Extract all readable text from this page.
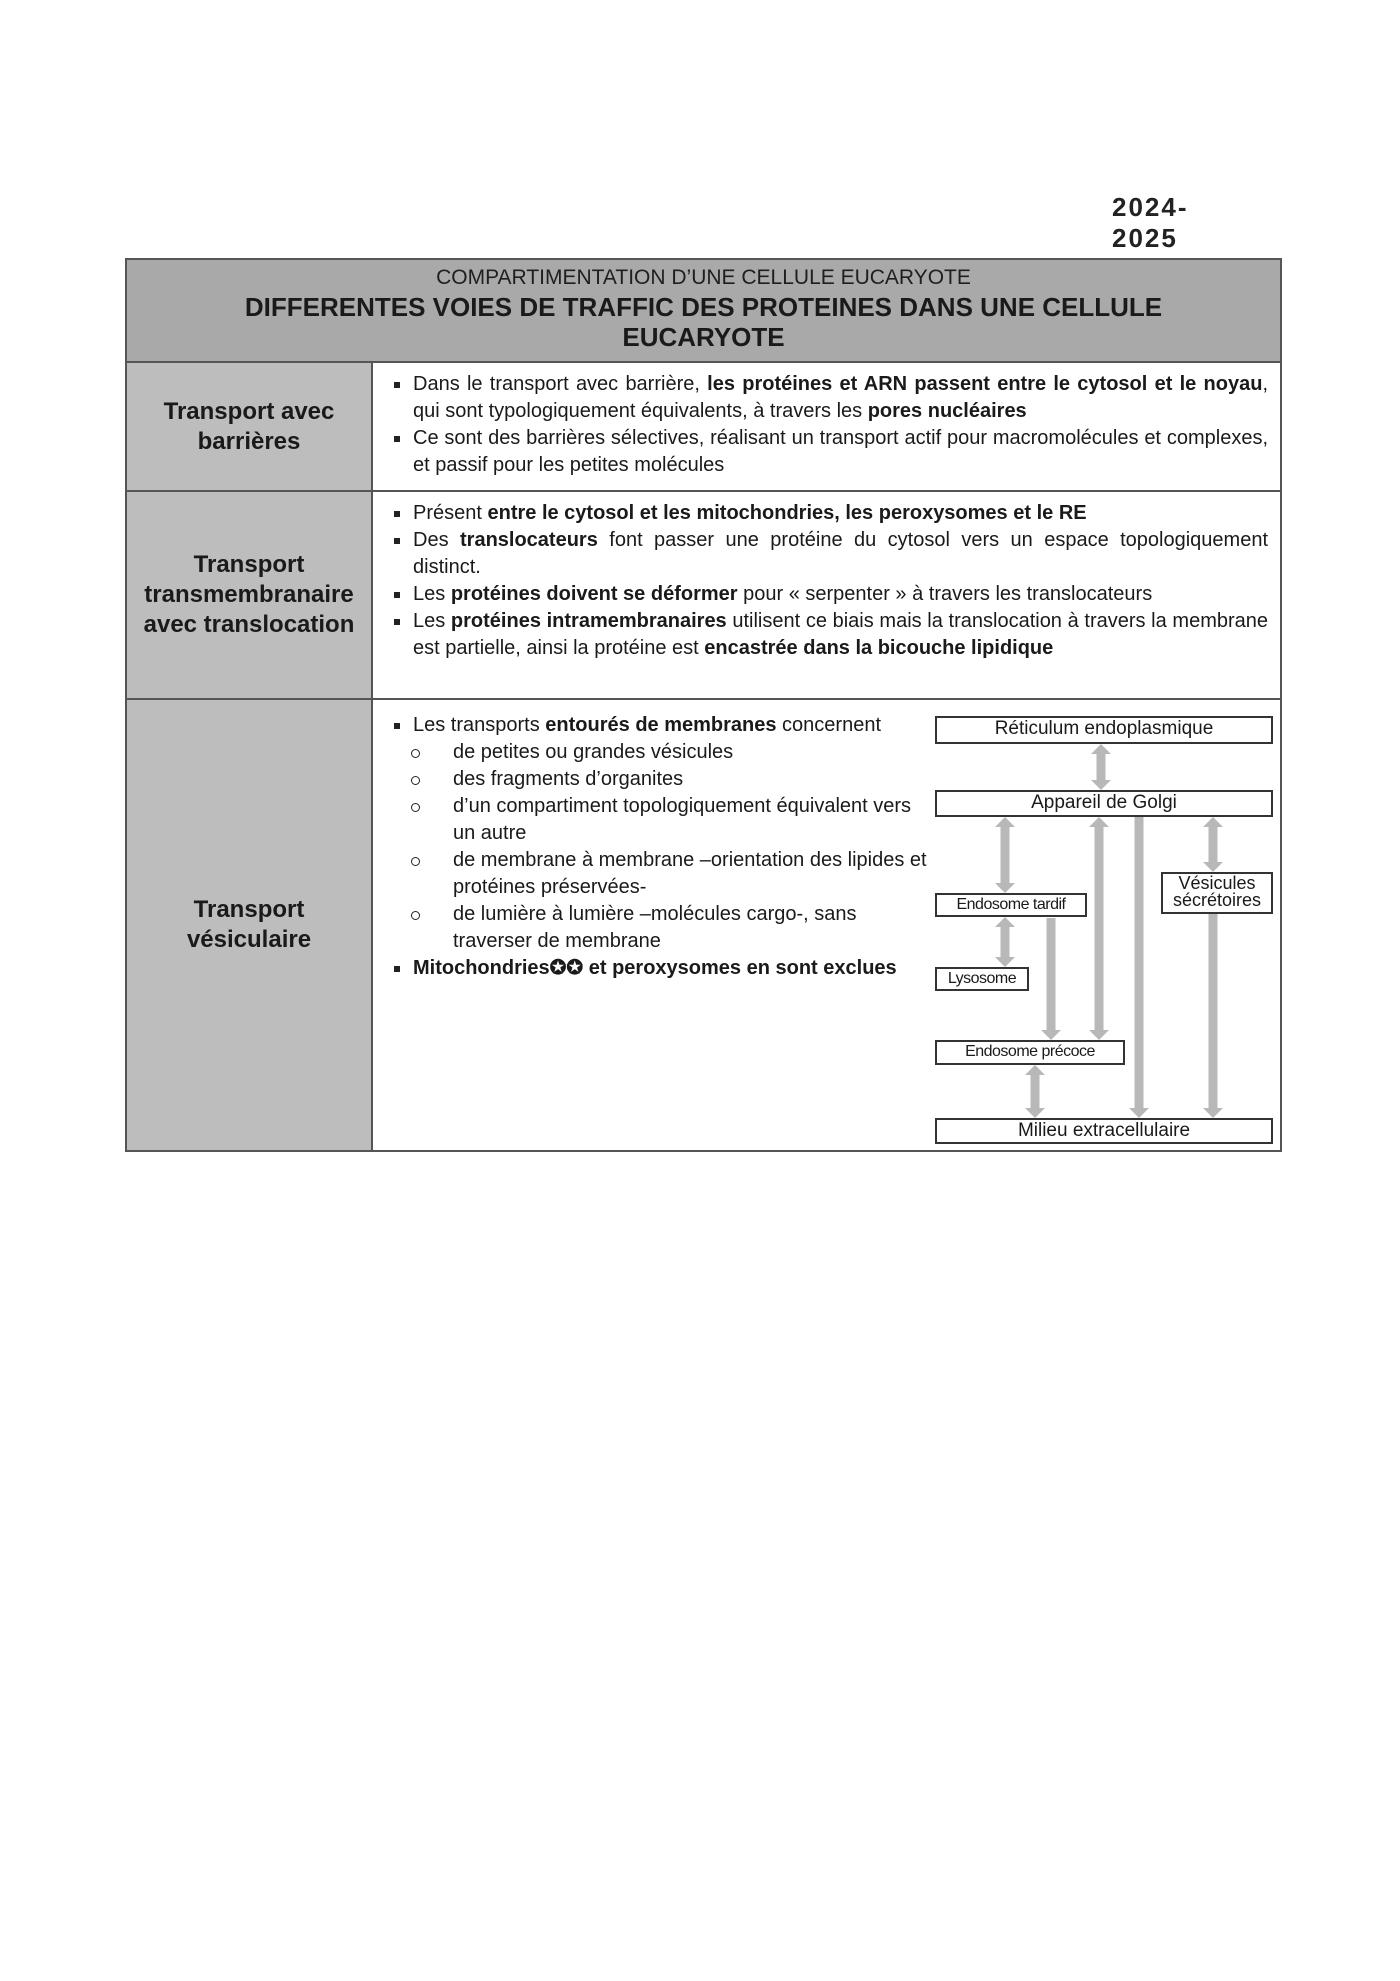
2024-2025
COMPARTIMENTATION D’UNE CELLULE EUCARYOTE
DIFFERENTES VOIES DE TRAFFIC DES PROTEINES DANS UNE CELLULE EUCARYOTE
Transport avec barrières
Dans le transport avec barrière, les protéines et ARN passent entre le cytosol et le noyau, qui sont typologiquement équivalents, à travers les pores nucléaires
Ce sont des barrières sélectives, réalisant un transport actif pour macromolécules et complexes, et passif pour les petites molécules
Transport transmembranaire avec translocation
Présent entre le cytosol et les mitochondries, les peroxysomes et le RE
Des translocateurs font passer une protéine du cytosol vers un espace topologiquement distinct.
Les protéines doivent se déformer pour « serpenter » à travers les translocateurs
Les protéines intramembranaires utilisent ce biais mais la translocation à travers la membrane est partielle, ainsi la protéine est encastrée dans la bicouche lipidique
Transport vésiculaire
Les transports entourés de membranes concernent
de petites ou grandes vésicules
des fragments d’organites
d’un compartiment topologiquement équivalent vers un autre
de membrane à membrane –orientation des lipides et protéines préservées-
de lumière à lumière –molécules cargo-, sans traverser de membrane
Mitochondries✪✪ et peroxysomes en sont exclues
Réticulum endoplasmique
Appareil de Golgi
Endosome tardif
Vésicules
sécrétoires
Lysosome
Endosome précoce
Milieu extracellulaire
